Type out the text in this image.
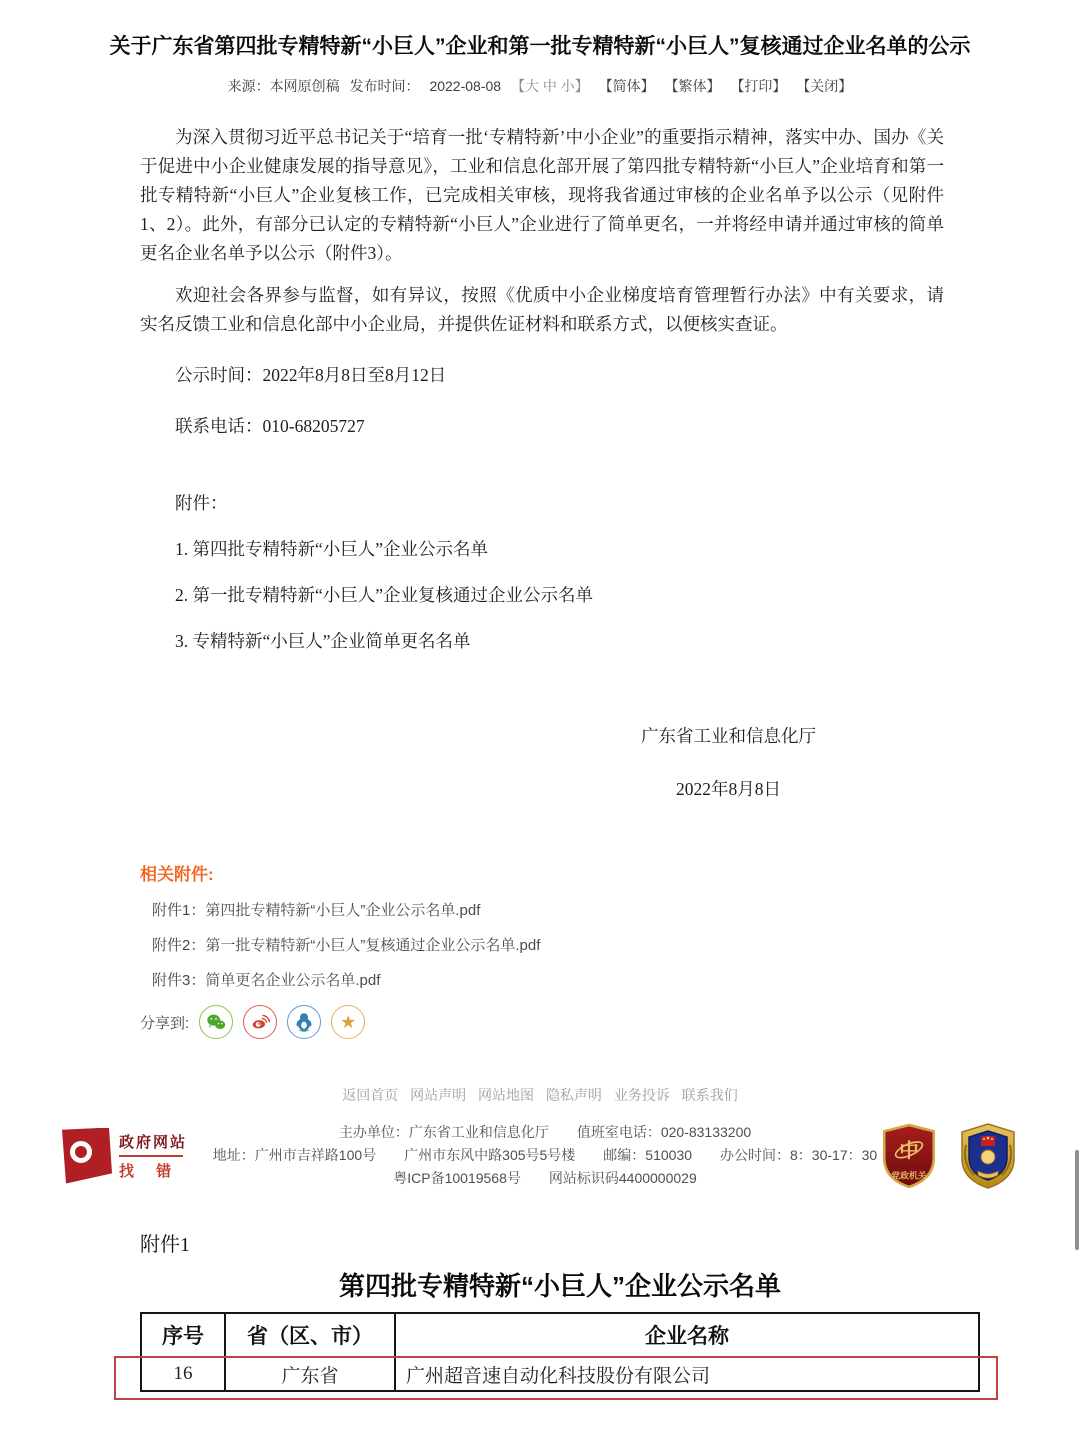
关于广东省第四批专精特新“小巨人”企业和第一批专精特新“小巨人”复核通过企业名单的公示
来源：本网原创稿 发布时间： 2022-08-08 【大 中 小】 【简体】 【繁体】 【打印】 【关闭】

为深入贯彻习近平总书记关于“培育一批‘专精特新’中小企业”的重要指示精神，落实中办、国办《关于促进中小企业健康发展的指导意见》，工业和信息化部开展了第四批专精特新“小巨人”企业培育和第一批专精特新“小巨人”企业复核工作，已完成相关审核，现将我省通过审核的企业名单予以公示（见附件1、2）。此外，有部分已认定的专精特新“小巨人”企业进行了简单更名，一并将经申请并通过审核的简单更名企业名单予以公示（附件3）。

欢迎社会各界参与监督，如有异议，按照《优质中小企业梯度培育管理暂行办法》中有关要求，请实名反馈工业和信息化部中小企业局，并提供佐证材料和联系方式，以便核实查证。

公示时间：2022年8月8日至8月12日

联系电话：010-68205727

附件：

1. 第四批专精特新“小巨人”企业公示名单

2. 第一批专精特新“小巨人”企业复核通过企业公示名单

3. 专精特新“小巨人”企业简单更名名单

广东省工业和信息化厅
2022年8月8日
相关附件:
附件1：第四批专精特新“小巨人”企业公示名单.pdf
附件2：第一批专精特新“小巨人”复核通过企业公示名单.pdf
附件3：简单更名企业公示名单.pdf
分享到:	★
返回首页 网站声明 网站地图 隐私声明 业务投诉 联系我们
政府网站
找 错
主办单位：广东省工业和信息化厅　　值班室电话：020-83133200
地址：广州市吉祥路100号　　广州市东风中路305号5号楼　　邮编：510030　　办公时间：8：30-17：30
粤ICP备10019568号　　网站标识码4400000029
中
党政机关
附件1
第四批专精特新“小巨人”企业公示名单
序号	省（区、市）	企业名称
16	广东省	广州超音速自动化科技股份有限公司
